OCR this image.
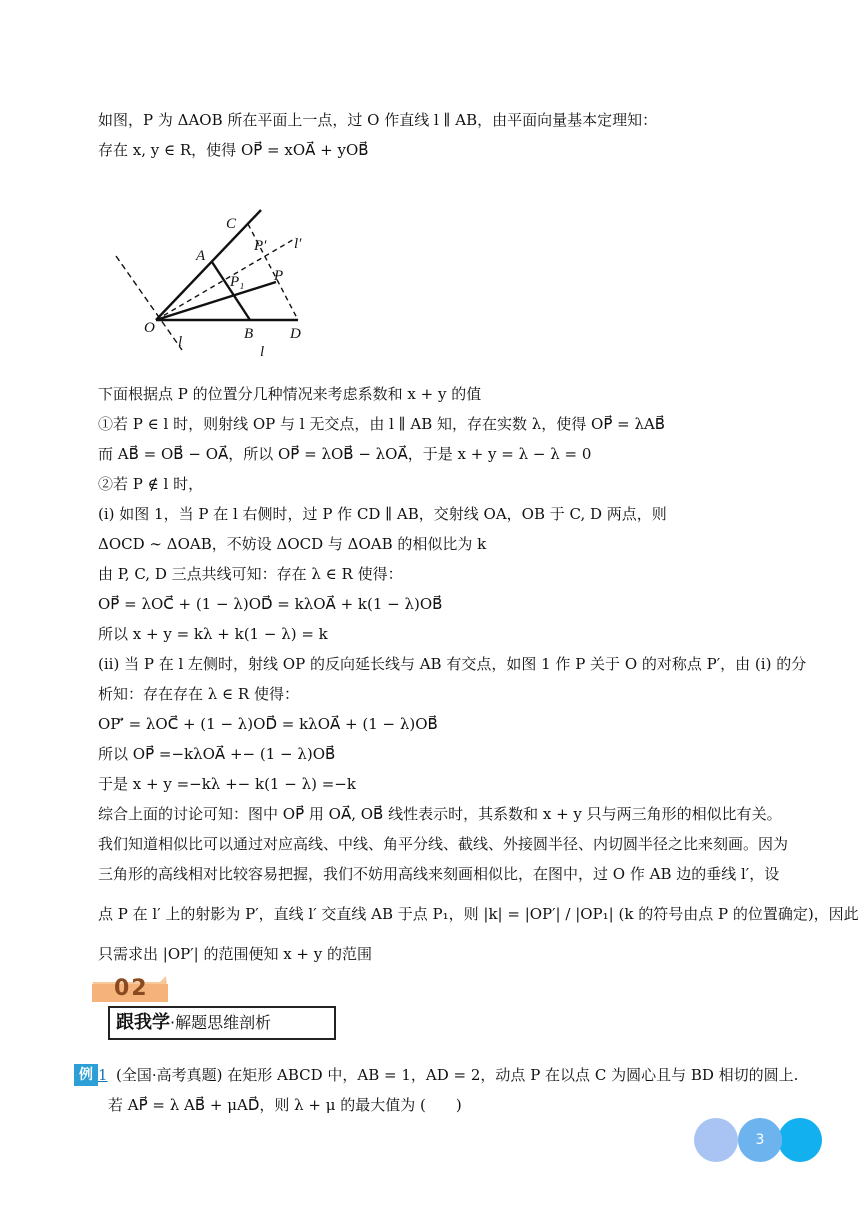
如图，P 为 ΔAOB 所在平面上一点，过 O 作直线 l ∥ AB，由平面向量基本定理知：
存在 x, y ∈ R，使得 OP⃗ = xOA⃗ + yOB⃗
C
P′ l′
A
P₁ P
O	B D
l
l
下面根据点 P 的位置分几种情况来考虑系数和 x + y 的值
①若 P ∈ l 时，则射线 OP 与 l 无交点，由 l ∥ AB 知，存在实数 λ，使得 OP⃗ = λAB⃗
而 AB⃗ = OB⃗ − OA⃗，所以 OP⃗ = λOB⃗ − λOA⃗，于是 x + y = λ − λ = 0
②若 P ∉ l 时，
(i) 如图 1，当 P 在 l 右侧时，过 P 作 CD ∥ AB，交射线 OA，OB 于 C, D 两点，则
ΔOCD ∼ ΔOAB，不妨设 ΔOCD 与 ΔOAB 的相似比为 k
由 P, C, D 三点共线可知：存在 λ ∈ R 使得：
OP⃗ = λOC⃗ + (1 − λ)OD⃗ = kλOA⃗ + k(1 − λ)OB⃗
所以 x + y = kλ + k(1 − λ) = k
(ii) 当 P 在 l 左侧时，射线 OP 的反向延长线与 AB 有交点，如图 1 作 P 关于 O 的对称点 P′，由 (i) 的分
析知：存在存在 λ ∈ R 使得：
OP′⃗ = λOC⃗ + (1 − λ)OD⃗ = kλOA⃗ + (1 − λ)OB⃗
所以 OP⃗ =−kλOA⃗ +− (1 − λ)OB⃗
于是 x + y =−kλ +− k(1 − λ) =−k
综合上面的讨论可知：图中 OP⃗ 用 OA⃗, OB⃗ 线性表示时，其系数和 x + y 只与两三角形的相似比有关。
我们知道相似比可以通过对应高线、中线、角平分线、截线、外接圆半径、内切圆半径之比来刻画。因为
三角形的高线相对比较容易把握，我们不妨用高线来刻画相似比，在图中，过 O 作 AB 边的垂线 l′，设
点 P 在 l′ 上的射影为 P′，直线 l′ 交直线 AB 于点 P₁，则 |k| = |OP′| / |OP₁| (k 的符号由点 P 的位置确定)，因此
只需求出 |OP′| 的范围便知 x + y 的范围
02
跟我学·解题思维剖析
例 1 (全国·高考真题) 在矩形 ABCD 中，AB = 1，AD = 2，动点 P 在以点 C 为圆心且与 BD 相切的圆上.
若 AP⃗ = λ AB⃗ + μAD⃗，则 λ + μ 的最大值为 (　　)
3
